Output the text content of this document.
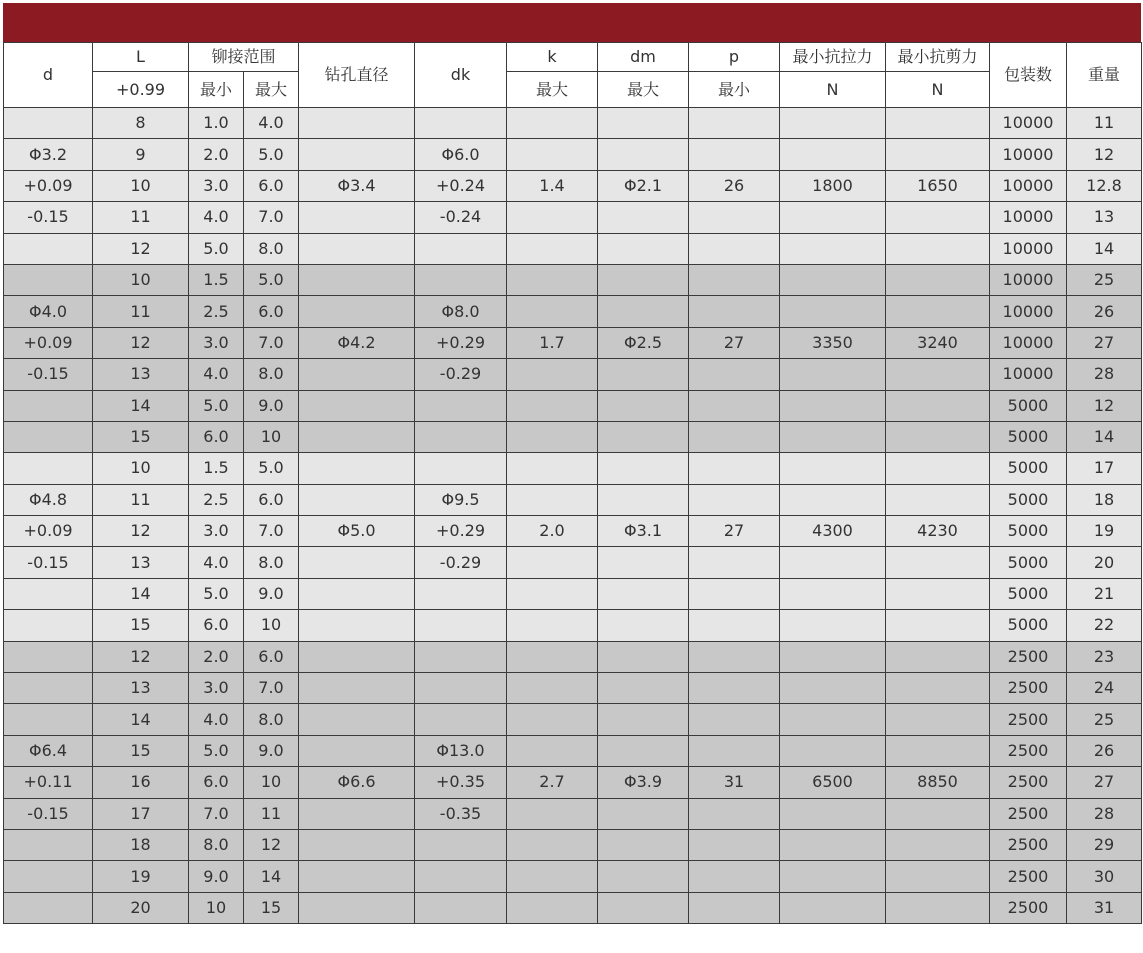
d	L	铆接范围		钻孔直径	dk	k	dm	p	最小抗拉力	最小抗剪力	包装数	重量
	+0.99	最小	最大			最大	最大	最小	N	N		
	8	1.0	4.0								10000	11
Φ3.2	9	2.0	5.0		Φ6.0						10000	12
+0.09	10	3.0	6.0	Φ3.4	+0.24	1.4	Φ2.1	26	1800	1650	10000	12.8
-0.15	11	4.0	7.0		-0.24						10000	13
	12	5.0	8.0								10000	14
	10	1.5	5.0								10000	25
Φ4.0	11	2.5	6.0		Φ8.0						10000	26
+0.09	12	3.0	7.0	Φ4.2	+0.29	1.7	Φ2.5	27	3350	3240	10000	27
-0.15	13	4.0	8.0		-0.29						10000	28
	14	5.0	9.0								5000	12
	15	6.0	10								5000	14
	10	1.5	5.0								5000	17
Φ4.8	11	2.5	6.0		Φ9.5						5000	18
+0.09	12	3.0	7.0	Φ5.0	+0.29	2.0	Φ3.1	27	4300	4230	5000	19
-0.15	13	4.0	8.0		-0.29						5000	20
	14	5.0	9.0								5000	21
	15	6.0	10								5000	22
	12	2.0	6.0								2500	23
	13	3.0	7.0								2500	24
	14	4.0	8.0								2500	25
Φ6.4	15	5.0	9.0		Φ13.0						2500	26
+0.11	16	6.0	10	Φ6.6	+0.35	2.7	Φ3.9	31	6500	8850	2500	27
-0.15	17	7.0	11		-0.35						2500	28
	18	8.0	12								2500	29
	19	9.0	14								2500	30
	20	10	15								2500	31
